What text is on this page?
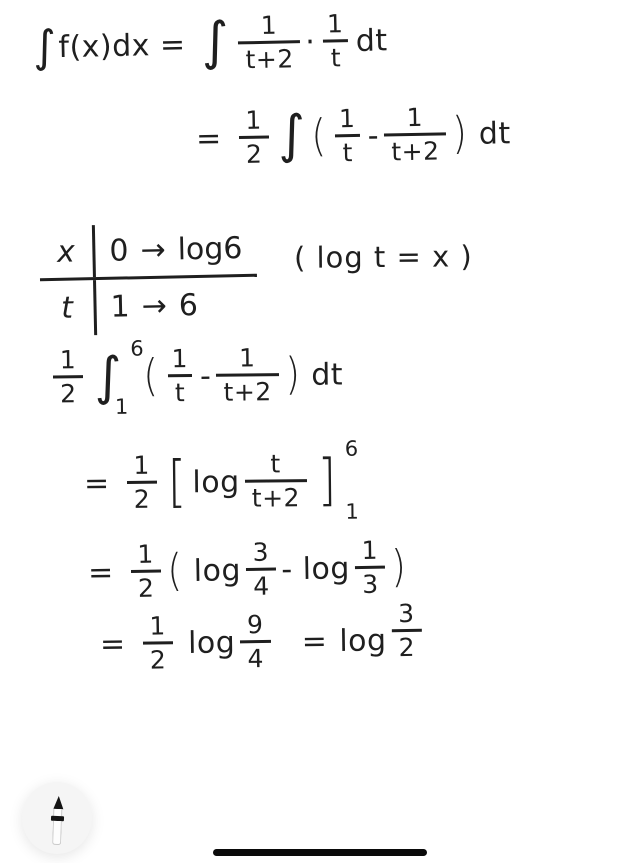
∫ f(x)dx = ∫ $\frac{1}{t+2} \cdot \frac{1}{t}$ dt
= $\frac{1}{2}$ ∫ ( $\frac{1}{t} - \frac{1}{t+2}$ ) dt
x	0 → log6
t	1 → 6
( log t = x )
$\frac{1}{2}$ ∫ 6
1
( $\frac{1}{t} - \frac{1}{t+2}$ ) dt
= $\frac{1}{2}$ [ $\log \frac{t}{t+2}$ ] 6
1
= $\frac{1}{2}$ ( $\log \frac{3}{4}$ - $\log \frac{1}{3}$ )
= $\frac{1}{2}$ $\log \frac{9}{4} = \log \frac{3}{2}$
